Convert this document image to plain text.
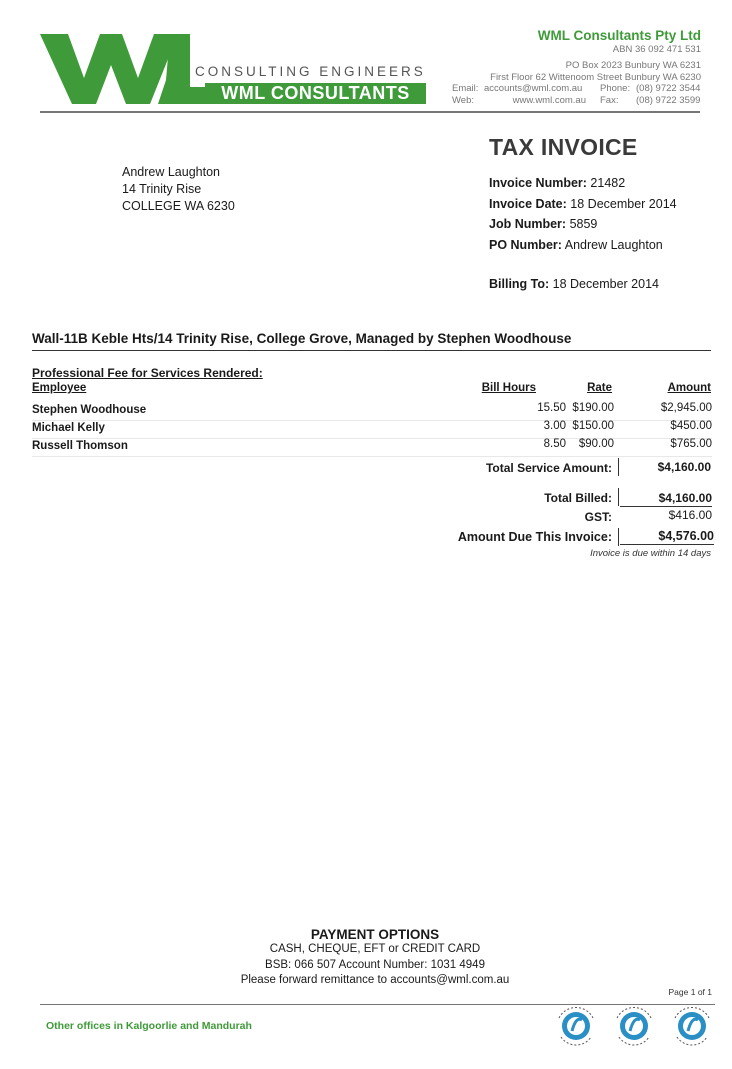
CONSULTING ENGINEERS
WML CONSULTANTS
WML Consultants Pty Ltd
ABN 36 092 471 531
PO Box 2023 Bunbury WA 6231
First Floor 62 Wittenoom Street Bunbury WA 6230
Email: accounts@wml.com.au	Phone: (08) 9722 3544
Web:	www.wml.com.au	Fax:	(08) 9722 3599
Andrew Laughton
14 Trinity Rise
COLLEGE WA 6230
TAX INVOICE
Invoice Number: 21482
Invoice Date: 18 December 2014
Job Number: 5859
PO Number: Andrew Laughton
Billing To: 18 December 2014
Wall-11B Keble Hts/14 Trinity Rise, College Grove, Managed by Stephen Woodhouse
Professional Fee for Services Rendered:
Employee	Bill Hours	Rate	Amount
Stephen Woodhouse	15.50 $190.00	$2,945.00
Michael Kelly	3.00 $150.00	$450.00
Russell Thomson	8.50 $90.00	$765.00
Total Service Amount:	$4,160.00
Total Billed:	$4,160.00
GST:	$416.00
Amount Due This Invoice:	$4,576.00
Invoice is due within 14 days
PAYMENT OPTIONS
CASH, CHEQUE, EFT or CREDIT CARD
BSB: 066 507 Account Number: 1031 4949
Please forward remittance to accounts@wml.com.au
Page 1 of 1
Other offices in Kalgoorlie and Mandurah
